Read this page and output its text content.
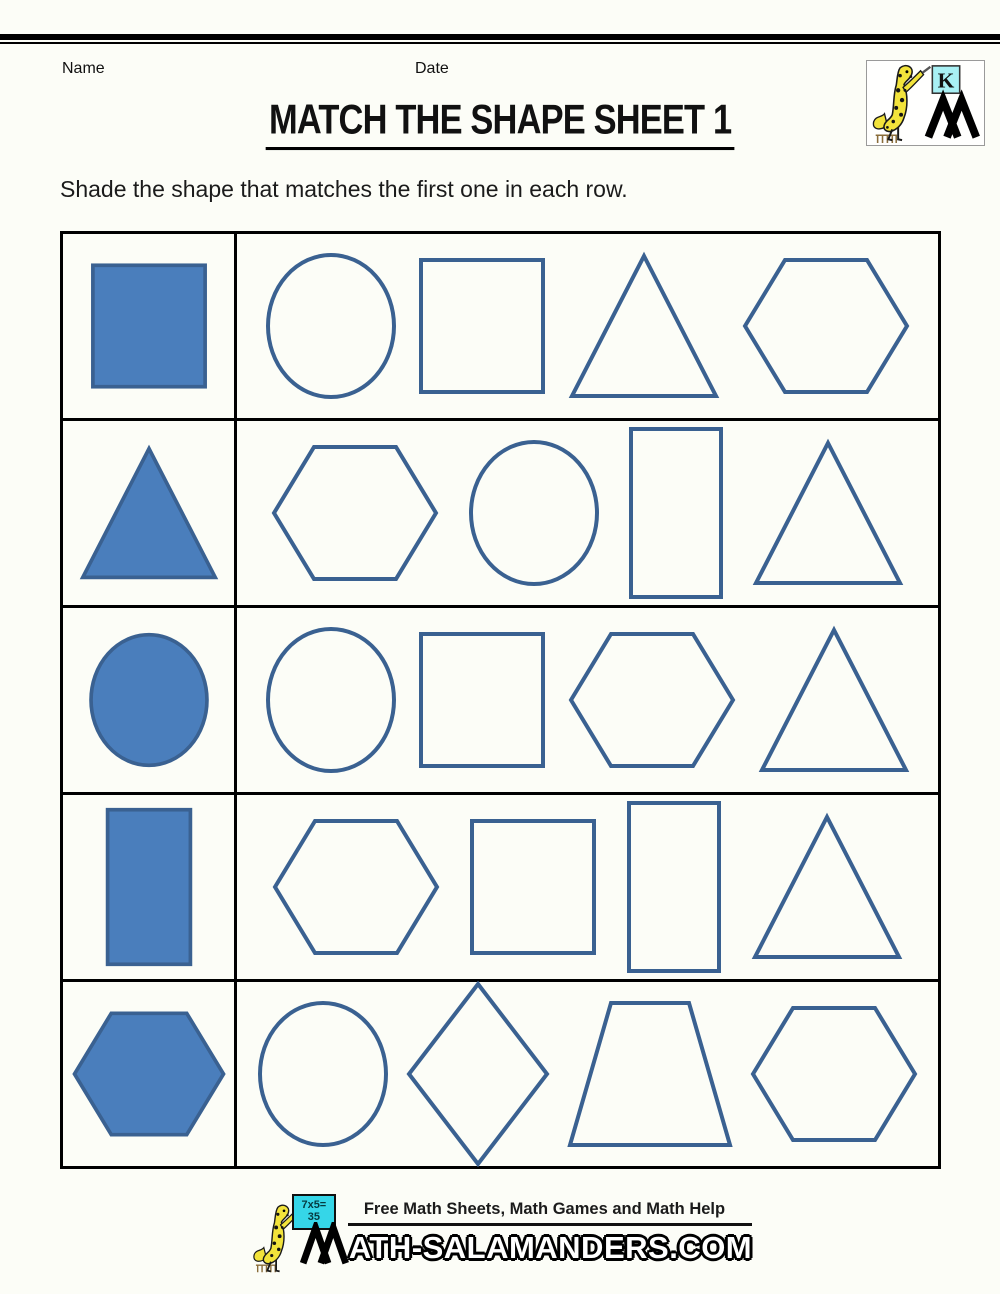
Name	Date	K
MATCH THE SHAPE SHEET 1

Shade the shape that matches the first one in each row.

7x5=
35	Free Math Sheets, Math Games and Math Help
ATH-SALAMANDERS.COM
